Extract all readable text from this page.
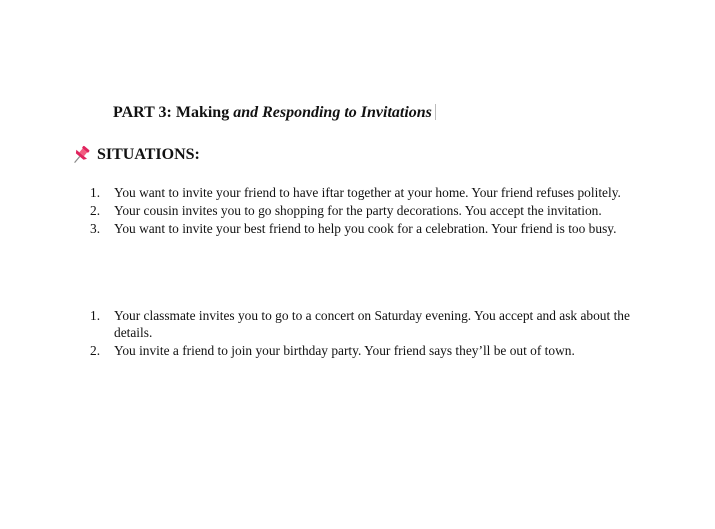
PART 3: Making and Responding to Invitations
SITUATIONS:
1. You want to invite your friend to have iftar together at your home. Your friend refuses politely.
2. Your cousin invites you to go shopping for the party decorations. You accept the invitation.
3. You want to invite your best friend to help you cook for a celebration. Your friend is too busy.
1. Your classmate invites you to go to a concert on Saturday evening. You accept and ask about the details.
2. You invite a friend to join your birthday party. Your friend says they’ll be out of town.
